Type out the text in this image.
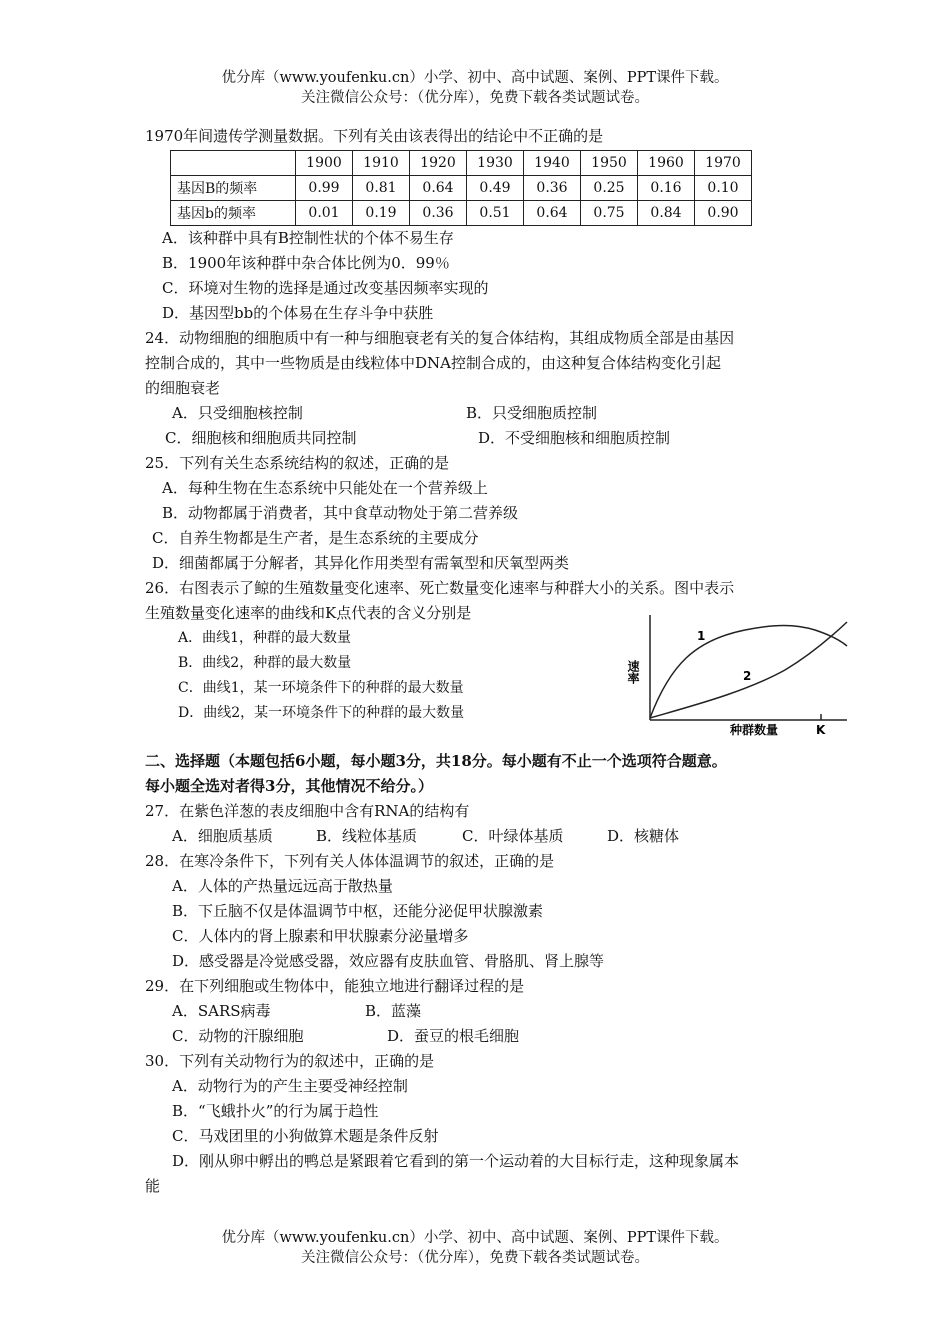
优分库（www.youfenku.cn）小学、初中、高中试题、案例、PPT课件下载。
关注微信公众号：（优分库），免费下载各类试题试卷。
1970年间遗传学测量数据。下列有关由该表得出的结论中不正确的是
	1900	1910	1920	1930	1940	1950	1960	1970
基因B的频率	0.99	0.81	0.64	0.49	0.36	0.25	0.16	0.10
基因b的频率	0.01	0.19	0.36	0.51	0.64	0.75	0.84	0.90
A．该种群中具有B控制性状的个体不易生存
B．1900年该种群中杂合体比例为0．99％
C．环境对生物的选择是通过改变基因频率实现的
D．基因型bb的个体易在生存斗争中获胜
24．动物细胞的细胞质中有一种与细胞衰老有关的复合体结构，其组成物质全部是由基因
控制合成的，其中一些物质是由线粒体中DNA控制合成的，由这种复合体结构变化引起
的细胞衰老
A．只受细胞核控制	B．只受细胞质控制
C．细胞核和细胞质共同控制	D．不受细胞核和细胞质控制
25．下列有关生态系统结构的叙述，正确的是
A．每种生物在生态系统中只能处在一个营养级上
B．动物都属于消费者，其中食草动物处于第二营养级
C．自养生物都是生产者，是生态系统的主要成分
D．细菌都属于分解者，其异化作用类型有需氧型和厌氧型两类
26．右图表示了鲸的生殖数量变化速率、死亡数量变化速率与种群大小的关系。图中表示
生殖数量变化速率的曲线和K点代表的含义分别是
A．曲线1，种群的最大数量
B．曲线2，种群的最大数量
C．曲线1，某一环境条件下的种群的最大数量
D．曲线2，某一环境条件下的种群的最大数量
1
2
速率
种群数量	K
二、选择题（本题包括6小题，每小题3分，共18分。每小题有不止一个选项符合题意。
每小题全选对者得3分，其他情况不给分。）
27．在紫色洋葱的表皮细胞中含有RNA的结构有
A．细胞质基质	B．线粒体基质	C．叶绿体基质	D．核糖体
28．在寒冷条件下，下列有关人体体温调节的叙述，正确的是
A．人体的产热量远远高于散热量
B．下丘脑不仅是体温调节中枢，还能分泌促甲状腺激素
C．人体内的肾上腺素和甲状腺素分泌量增多
D．感受器是冷觉感受器，效应器有皮肤血管、骨胳肌、肾上腺等
29．在下列细胞或生物体中，能独立地进行翻译过程的是
A．SARS病毒	B．蓝藻
C．动物的汗腺细胞	D．蚕豆的根毛细胞
30．下列有关动物行为的叙述中，正确的是
A．动物行为的产生主要受神经控制
B．“飞蛾扑火”的行为属于趋性
C．马戏团里的小狗做算术题是条件反射
D．刚从卵中孵出的鸭总是紧跟着它看到的第一个运动着的大目标行走，这种现象属本
能
优分库（www.youfenku.cn）小学、初中、高中试题、案例、PPT课件下载。
关注微信公众号：（优分库），免费下载各类试题试卷。
